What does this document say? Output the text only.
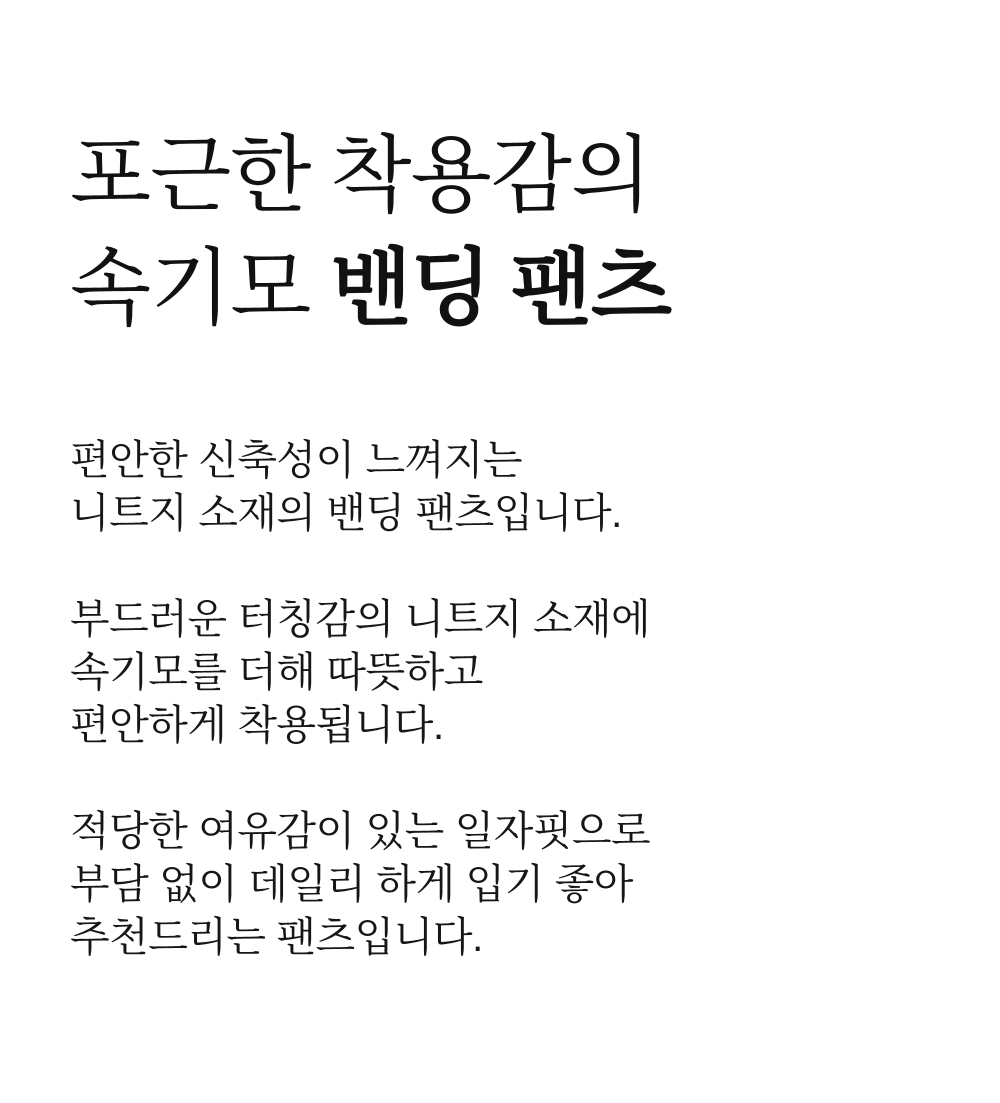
포근한 착용감의
속기모 밴딩 팬츠

편안한 신축성이 느껴지는
니트지 소재의 밴딩 팬츠입니다.

부드러운 터칭감의 니트지 소재에
속기모를 더해 따뜻하고
편안하게 착용됩니다.

적당한 여유감이 있는 일자핏으로
부담 없이 데일리 하게 입기 좋아
추천드리는 팬츠입니다.
